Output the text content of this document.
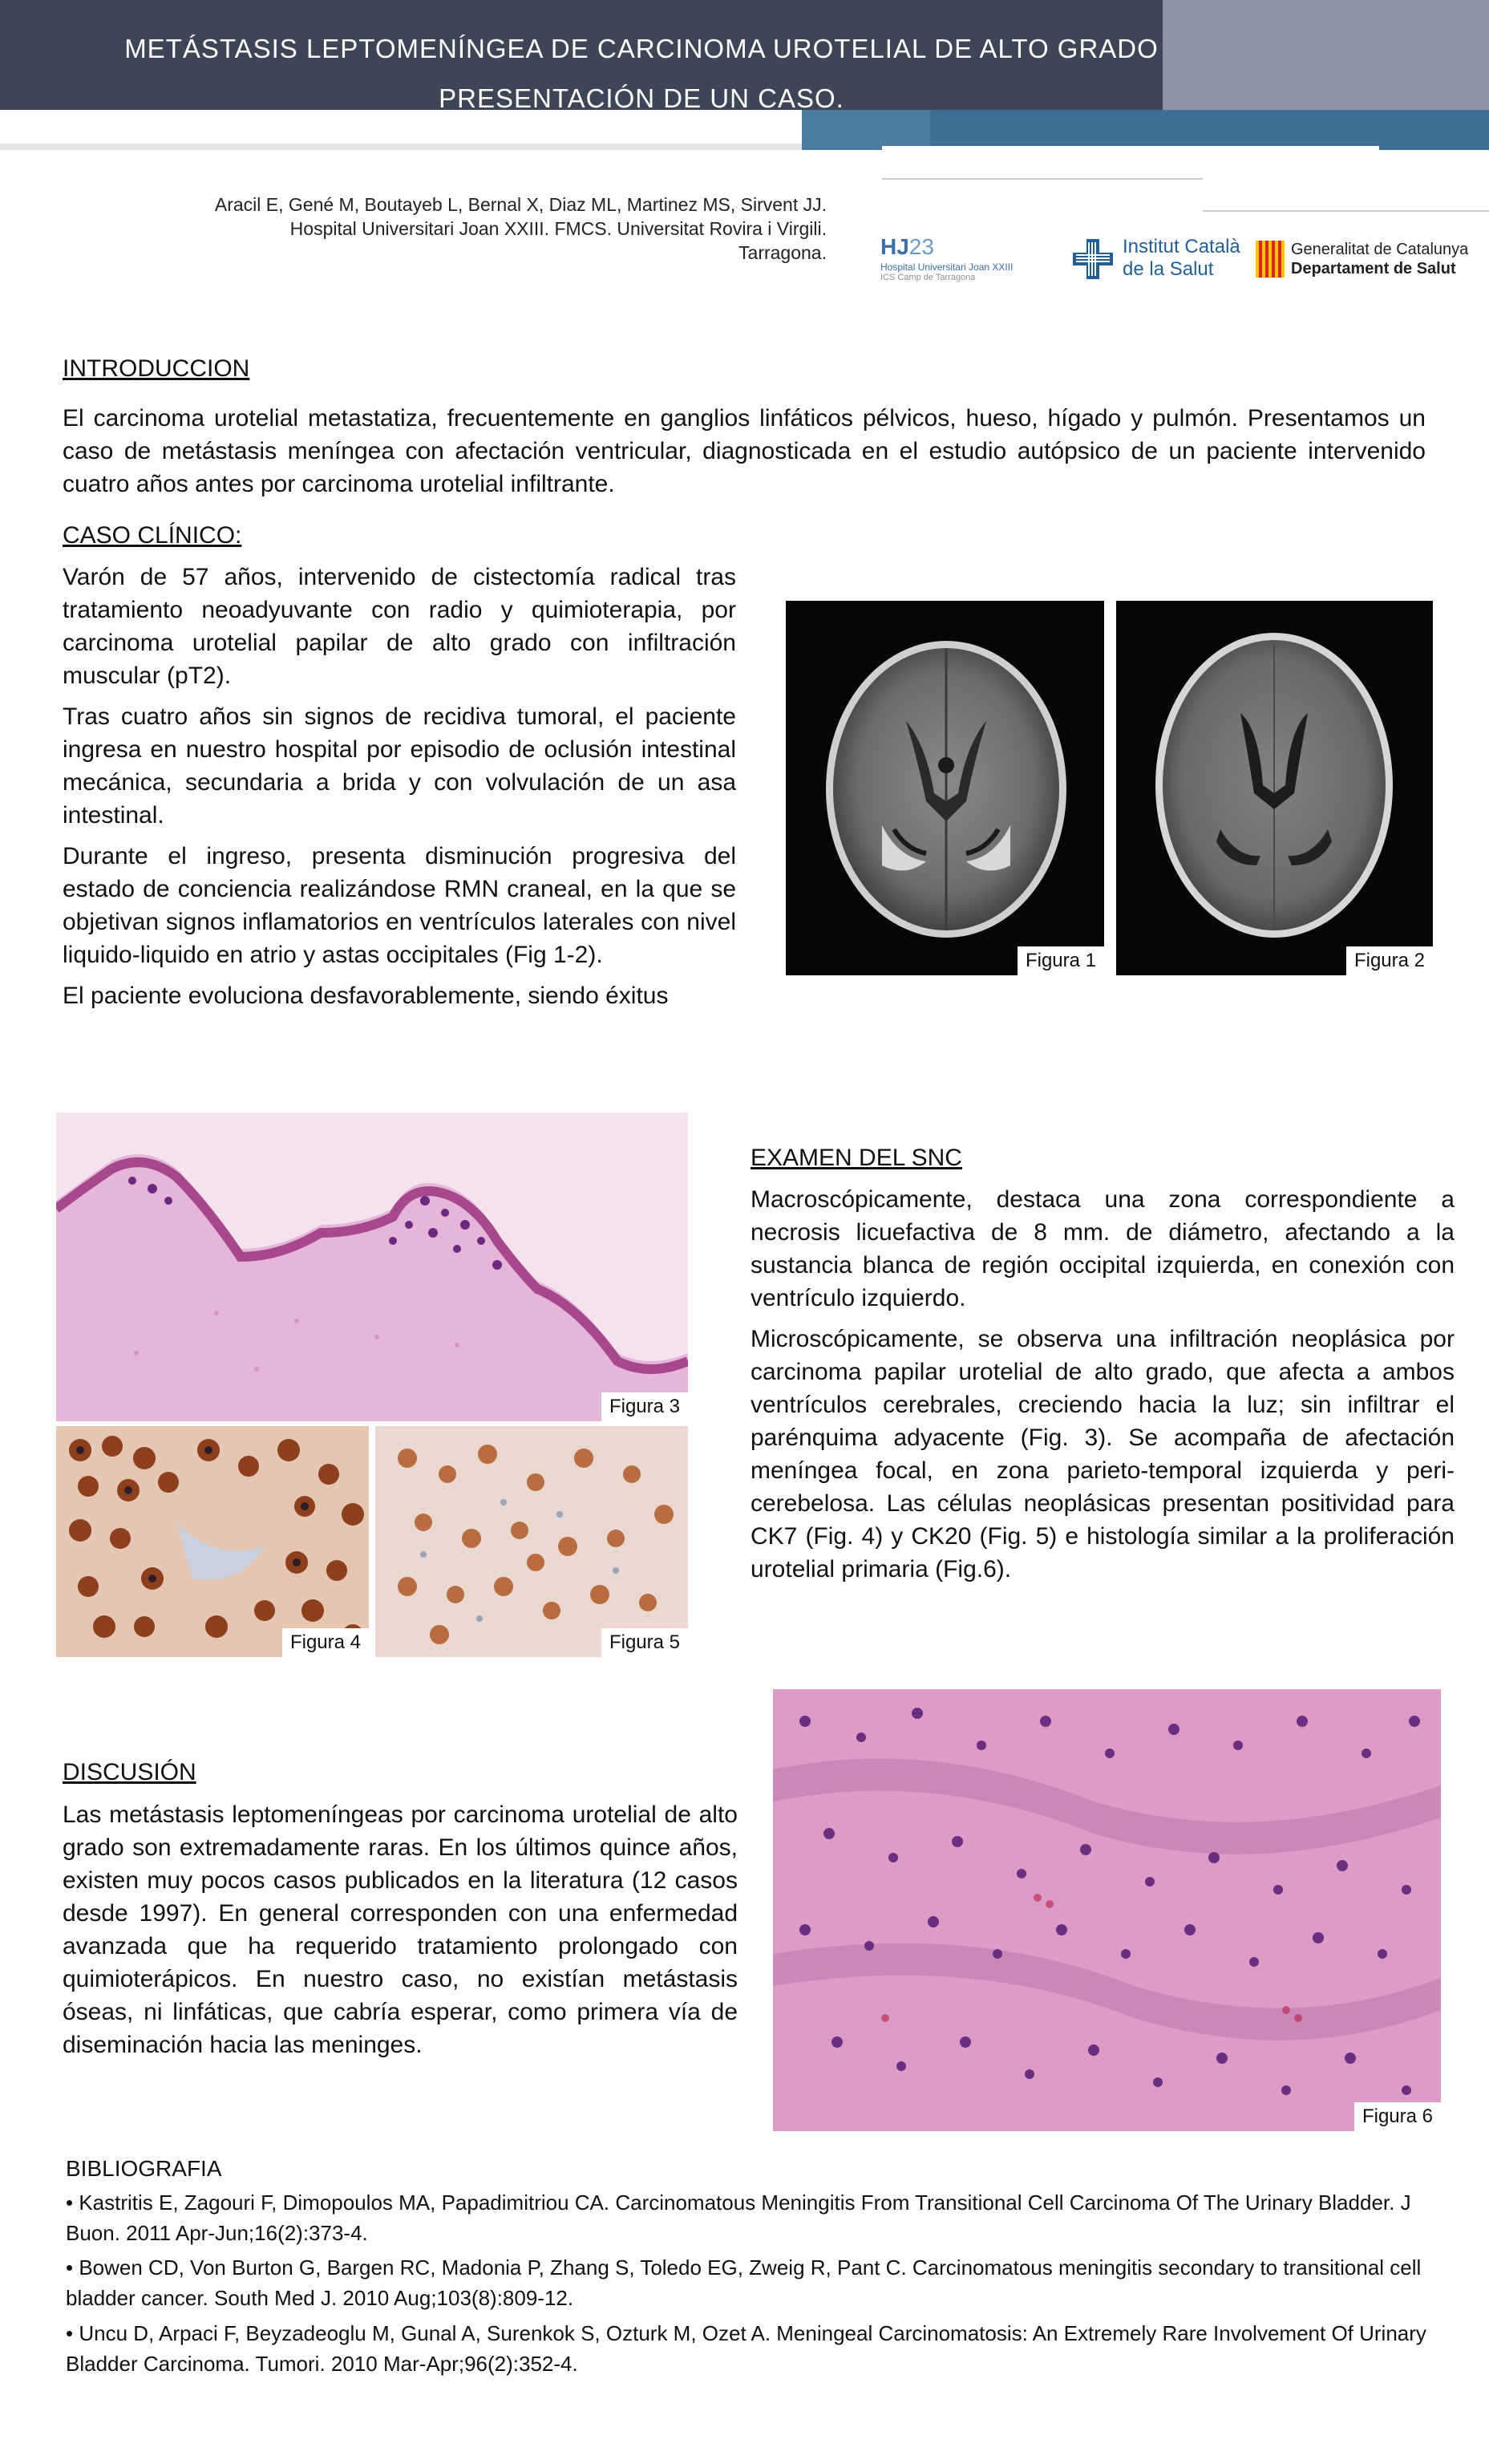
METÁSTASIS LEPTOMENÍNGEA DE CARCINOMA UROTELIAL DE ALTO GRADO
PRESENTACIÓN DE UN CASO.
Aracil E, Gené M, Boutayeb L, Bernal X, Diaz ML, Martinez MS, Sirvent JJ.
Hospital Universitari Joan XXIII. FMCS. Universitat Rovira i Virgili.
Tarragona. HJ23
Hospital Universitari Joan XXIII
ICS Camp de Tarragona
Institut Català
de la Salut
Generalitat de Catalunya
Departament de Salut
INTRODUCCION

El carcinoma urotelial metastatiza, frecuentemente en ganglios linfáticos pélvicos, hueso, hígado y pulmón. Presentamos un caso de metástasis meníngea con afectación ventricular, diagnosticada en el estudio autópsico de un paciente intervenido cuatro años antes por carcinoma urotelial infiltrante.

CASO CLÍNICO:

Varón de 57 años, intervenido de cistectomía radical tras tratamiento neoadyuvante con radio y quimioterapia, por carcinoma urotelial papilar de alto grado con infiltración muscular (pT2).

Tras cuatro años sin signos de recidiva tumoral, el paciente ingresa en nuestro hospital por episodio de oclusión intestinal mecánica, secundaria a brida y con volvulación de un asa intestinal.

Durante el ingreso, presenta disminución progresiva del estado de conciencia realizándose RMN craneal, en la que se objetivan signos inflamatorios en ventrículos laterales con nivel liquido-liquido en atrio y astas occipitales (Fig 1-2).

El paciente evoluciona desfavorablemente, siendo éxitus

Figura 1	Figura 2
Figura 3
Figura 4	Figura 5
EXAMEN DEL SNC

Macroscópicamente, destaca una zona correspondiente a necrosis licuefactiva de 8 mm. de diámetro, afectando a la sustancia blanca de región occipital izquierda, en conexión con ventrículo izquierdo.

Microscópicamente, se observa una infiltración neoplásica por carcinoma papilar urotelial de alto grado, que afecta a ambos ventrículos cerebrales, creciendo hacia la luz; sin infiltrar el parénquima adyacente (Fig. 3). Se acompaña de afectación meníngea focal, en zona parieto-temporal izquierda y peri-cerebelosa. Las células neoplásicas presentan positividad para CK7 (Fig. 4) y CK20 (Fig. 5) e histología similar a la proliferación urotelial primaria (Fig.6).

Figura 6
DISCUSIÓN

Las metástasis leptomeníngeas por carcinoma urotelial de alto grado son extremadamente raras. En los últimos quince años, existen muy pocos casos publicados en la literatura (12 casos desde 1997). En general corresponden con una enfermedad avanzada que ha requerido tratamiento prolongado con quimioterápicos. En nuestro caso, no existían metástasis óseas, ni linfáticas, que cabría esperar, como primera vía de diseminación hacia las meninges.

BIBLIOGRAFIA
• Kastritis E, Zagouri F, Dimopoulos MA, Papadimitriou CA. Carcinomatous Meningitis From Transitional Cell Carcinoma Of The Urinary Bladder. J Buon. 2011 Apr-Jun;16(2):373-4.
• Bowen CD, Von Burton G, Bargen RC, Madonia P, Zhang S, Toledo EG, Zweig R, Pant C. Carcinomatous meningitis secondary to transitional cell bladder cancer. South Med J. 2010 Aug;103(8):809-12.
• Uncu D, Arpaci F, Beyzadeoglu M, Gunal A, Surenkok S, Ozturk M, Ozet A. Meningeal Carcinomatosis: An Extremely Rare Involvement Of Urinary Bladder Carcinoma. Tumori. 2010 Mar-Apr;96(2):352-4.
